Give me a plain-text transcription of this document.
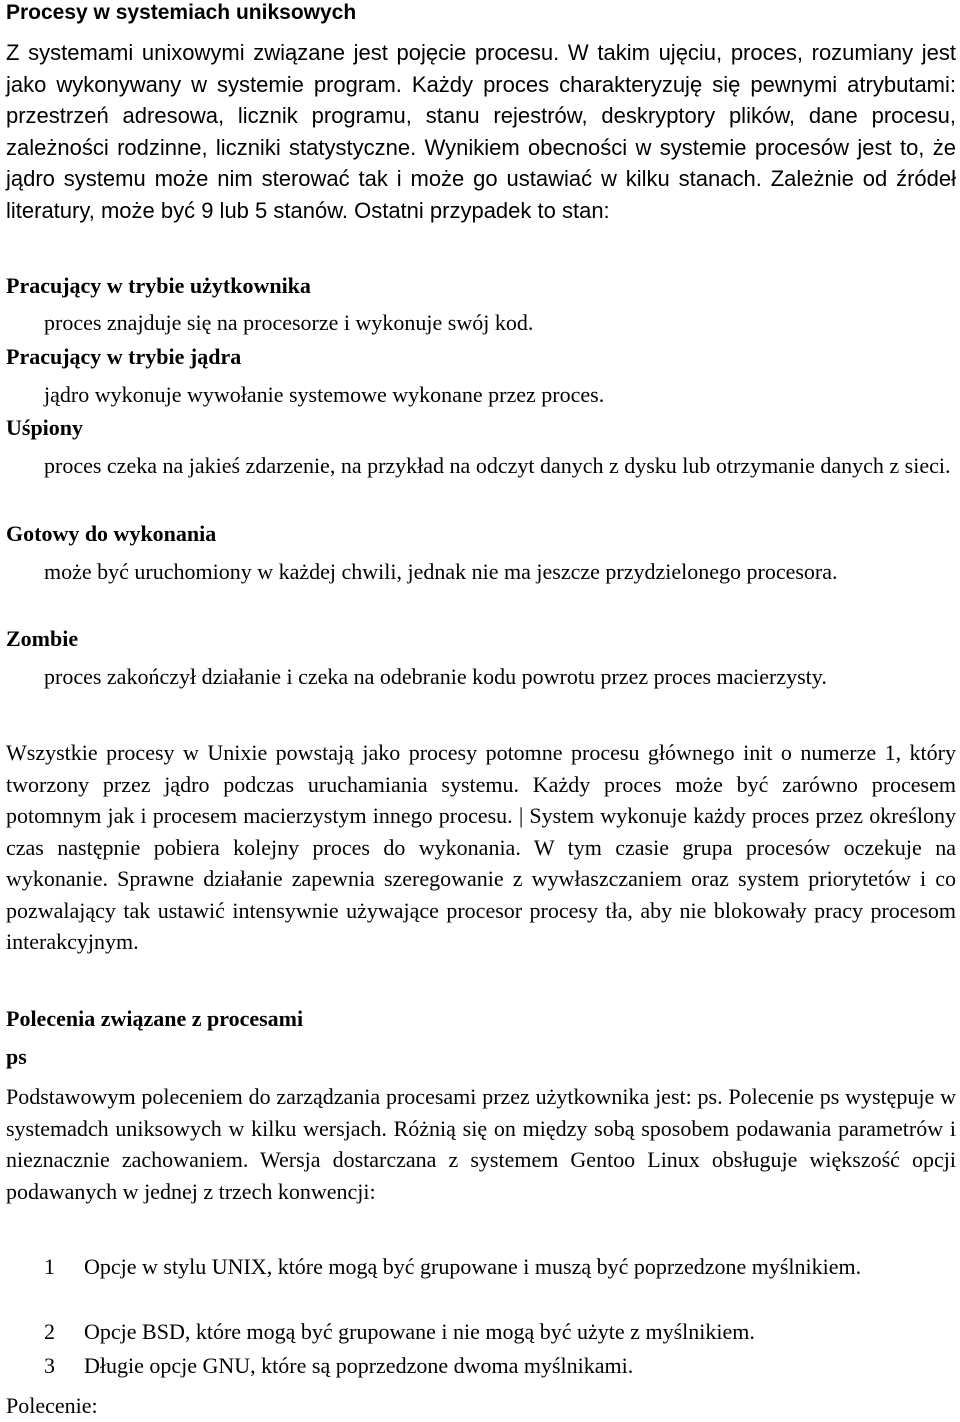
Procesy w systemiach uniksowych

Z systemami unixowymi związane jest pojęcie procesu. W takim ujęciu, proces, rozumiany jest jako wykonywany w systemie program. Każdy proces charakteryzuję się pewnymi atrybutami: przestrzeń adresowa, licznik programu, stanu rejestrów, deskryptory plików, dane procesu, zależności rodzinne, liczniki statystyczne. Wynikiem obecności w systemie procesów jest to, że jądro systemu może nim sterować tak i może go ustawiać w kilku stanach. Zależnie od źródeł literatury, może być 9 lub 5 stanów. Ostatni przypadek to stan:

Pracujący w trybie użytkownika
proces znajduje się na procesorze i wykonuje swój kod.
Pracujący w trybie jądra
jądro wykonuje wywołanie systemowe wykonane przez proces.
Uśpiony
proces czeka na jakieś zdarzenie, na przykład na odczyt danych z dysku lub otrzymanie danych z sieci.
Gotowy do wykonania
może być uruchomiony w każdej chwili, jednak nie ma jeszcze przydzielonego procesora.
Zombie
proces zakończył działanie i czeka na odebranie kodu powrotu przez proces macierzysty.

Wszystkie procesy w Unixie powstają jako procesy potomne procesu głównego init o numerze 1, który tworzony przez jądro podczas uruchamiania systemu. Każdy proces może być zarówno procesem potomnym jak i procesem macierzystym innego procesu. | System wykonuje każdy proces przez określony czas następnie pobiera kolejny proces do wykonania. W tym czasie grupa procesów oczekuje na wykonanie. Sprawne działanie zapewnia szeregowanie z wywłaszczaniem oraz system priorytetów i co pozwalający tak ustawić intensywnie używające procesor procesy tła, aby nie blokowały pracy procesom interakcyjnym.

Polecenia związane z procesami
ps

Podstawowym poleceniem do zarządzania procesami przez użytkownika jest: ps. Polecenie ps występuje w systemadch uniksowych w kilku wersjach. Różnią się on między sobą sposobem podawania parametrów i nieznacznie zachowaniem. Wersja dostarczana z systemem Gentoo Linux obsługuje większość opcji podawanych w jednej z trzech konwencji:

1 Opcje w stylu UNIX, które mogą być grupowane i muszą być poprzedzone myślnikiem.
2 Opcje BSD, które mogą być grupowane i nie mogą być użyte z myślnikiem.
3 Długie opcje GNU, które są poprzedzone dwoma myślnikami.
Polecenie:
